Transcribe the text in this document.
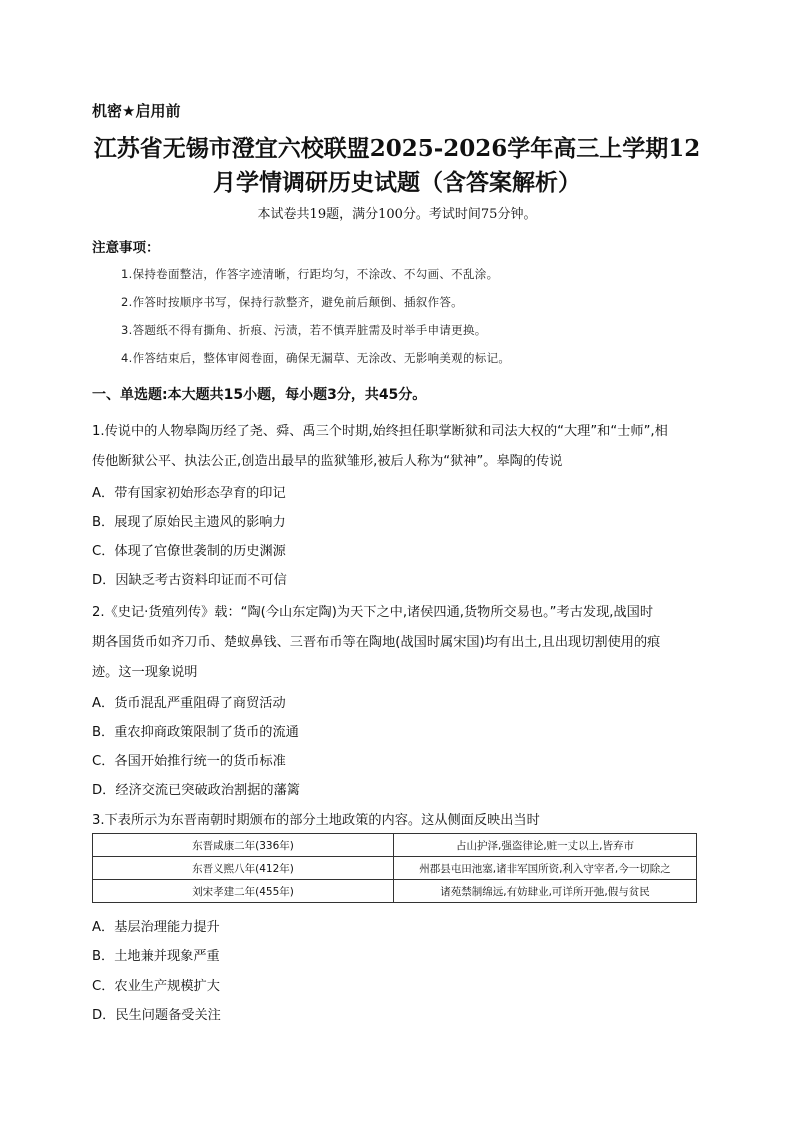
机密★启用前
江苏省无锡市澄宜六校联盟2025-2026学年高三上学期12
月学情调研历史试题（含答案解析）
本试卷共19题，满分100分。考试时间75分钟。
注意事项：
1.保持卷面整洁，作答字迹清晰，行距均匀，不涂改、不勾画、不乱涂。
2.作答时按顺序书写，保持行款整齐，避免前后颠倒、插叙作答。
3.答题纸不得有撕角、折痕、污渍，若不慎弄脏需及时举手申请更换。
4.作答结束后，整体审阅卷面，确保无漏草、无涂改、无影响美观的标记。
一、单选题:本大题共15小题，每小题3分，共45分。
1.传说中的人物皋陶历经了尧、舜、禹三个时期,始终担任职掌断狱和司法大权的“大理”和“士师”,相
传他断狱公平、执法公正,创造出最早的监狱雏形,被后人称为“狱神”。皋陶的传说
A．带有国家初始形态孕育的印记
B．展现了原始民主遗风的影响力
C．体现了官僚世袭制的历史渊源
D．因缺乏考古资料印证而不可信
2.《史记·货殖列传》载：“陶(今山东定陶)为天下之中,诸侯四通,货物所交易也。”考古发现,战国时
期各国货币如齐刀币、楚蚁鼻钱、三晋布币等在陶地(战国时属宋国)均有出土,且出现切割使用的痕
迹。这一现象说明
A．货币混乱严重阻碍了商贸活动
B．重农抑商政策限制了货币的流通
C．各国开始推行统一的货币标准
D．经济交流已突破政治割据的藩篱
3.下表所示为东晋南朝时期颁布的部分土地政策的内容。这从侧面反映出当时
东晋咸康二年(336年)	占山护泽,强盗律论,赃一丈以上,皆弃市
东晋义熙八年(412年)	州郡县屯田池塞,诸非军国所资,利入守宰者,今一切除之
刘宋孝建二年(455年)	诸苑禁制绵远,有妨肆业,可详所开弛,假与贫民
A．基层治理能力提升
B．土地兼并现象严重
C．农业生产规模扩大
D．民生问题备受关注
